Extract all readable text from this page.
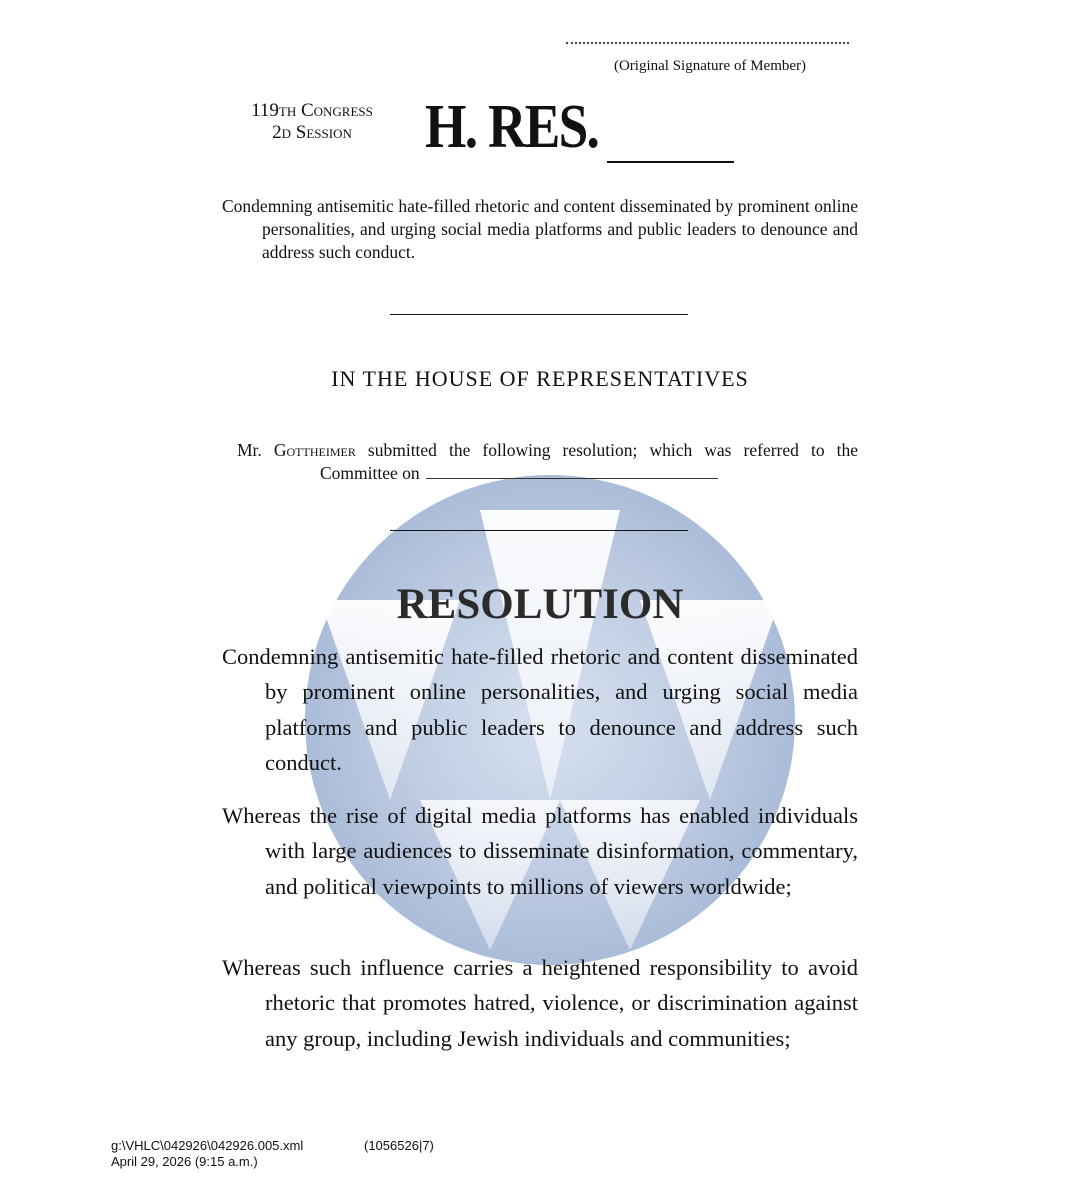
(Original Signature of Member)
119th Congress
2d Session	H. RES.
Condemning antisemitic hate-filled rhetoric and content disseminated by prominent online personalities, and urging social media platforms and public leaders to denounce and address such conduct.
IN THE HOUSE OF REPRESENTATIVES
Mr. Gottheimer submitted the following resolution; which was referred to the Committee on
RESOLUTION
Condemning antisemitic hate-filled rhetoric and content disseminated by prominent online personalities, and urging social media platforms and public leaders to denounce and address such conduct.
Whereas the rise of digital media platforms has enabled individuals with large audiences to disseminate disinformation, commentary, and political viewpoints to millions of viewers worldwide;
Whereas such influence carries a heightened responsibility to avoid rhetoric that promotes hatred, violence, or discrimination against any group, including Jewish individuals and communities;
g:\VHLC\042926\042926.005.xml
April 29, 2026 (9:15 a.m.)
(1056526|7)
